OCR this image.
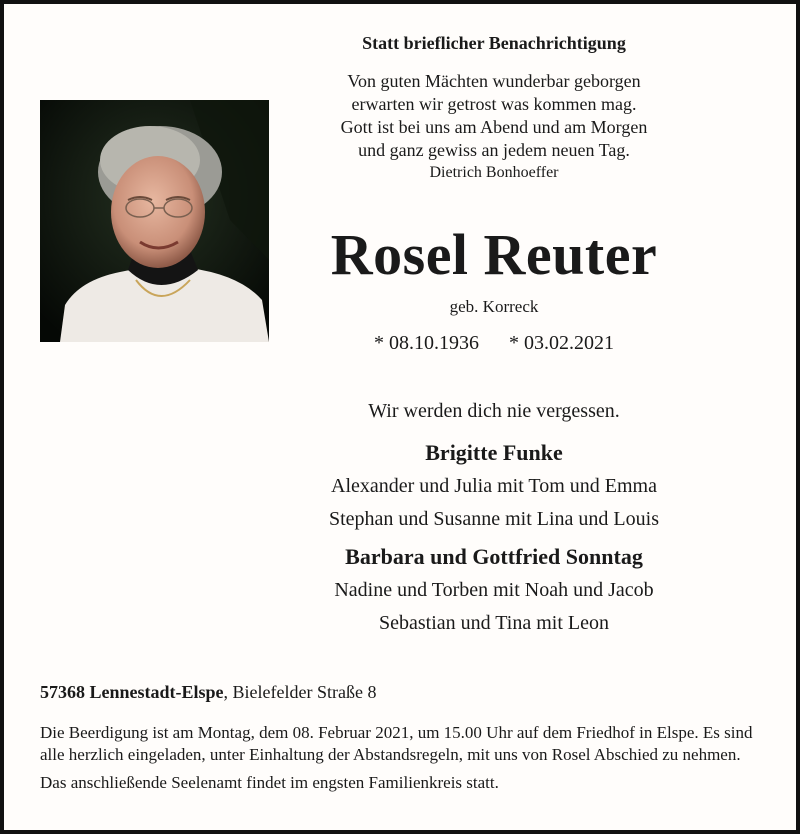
Statt brieflicher Benachrichtigung
Von guten Mächten wunderbar geborgen
erwarten wir getrost was kommen mag.
Gott ist bei uns am Abend und am Morgen
und ganz gewiss an jedem neuen Tag.
Dietrich Bonhoeffer
Rosel Reuter
geb. Korreck
* 08.10.1936 * 03.02.2021
Wir werden dich nie vergessen.
Brigitte Funke
Alexander und Julia mit Tom und Emma
Stephan und Susanne mit Lina und Louis
Barbara und Gottfried Sonntag
Nadine und Torben mit Noah und Jacob
Sebastian und Tina mit Leon
57368 Lennestadt-Elspe, Bielefelder Straße 8

Die Beerdigung ist am Montag, dem 08. Februar 2021, um 15.00 Uhr auf dem Friedhof in Elspe. Es sind alle herzlich eingeladen, unter Einhaltung der Abstandsregeln, mit uns von Rosel Abschied zu nehmen.

Das anschließende Seelenamt findet im engsten Familienkreis statt.
